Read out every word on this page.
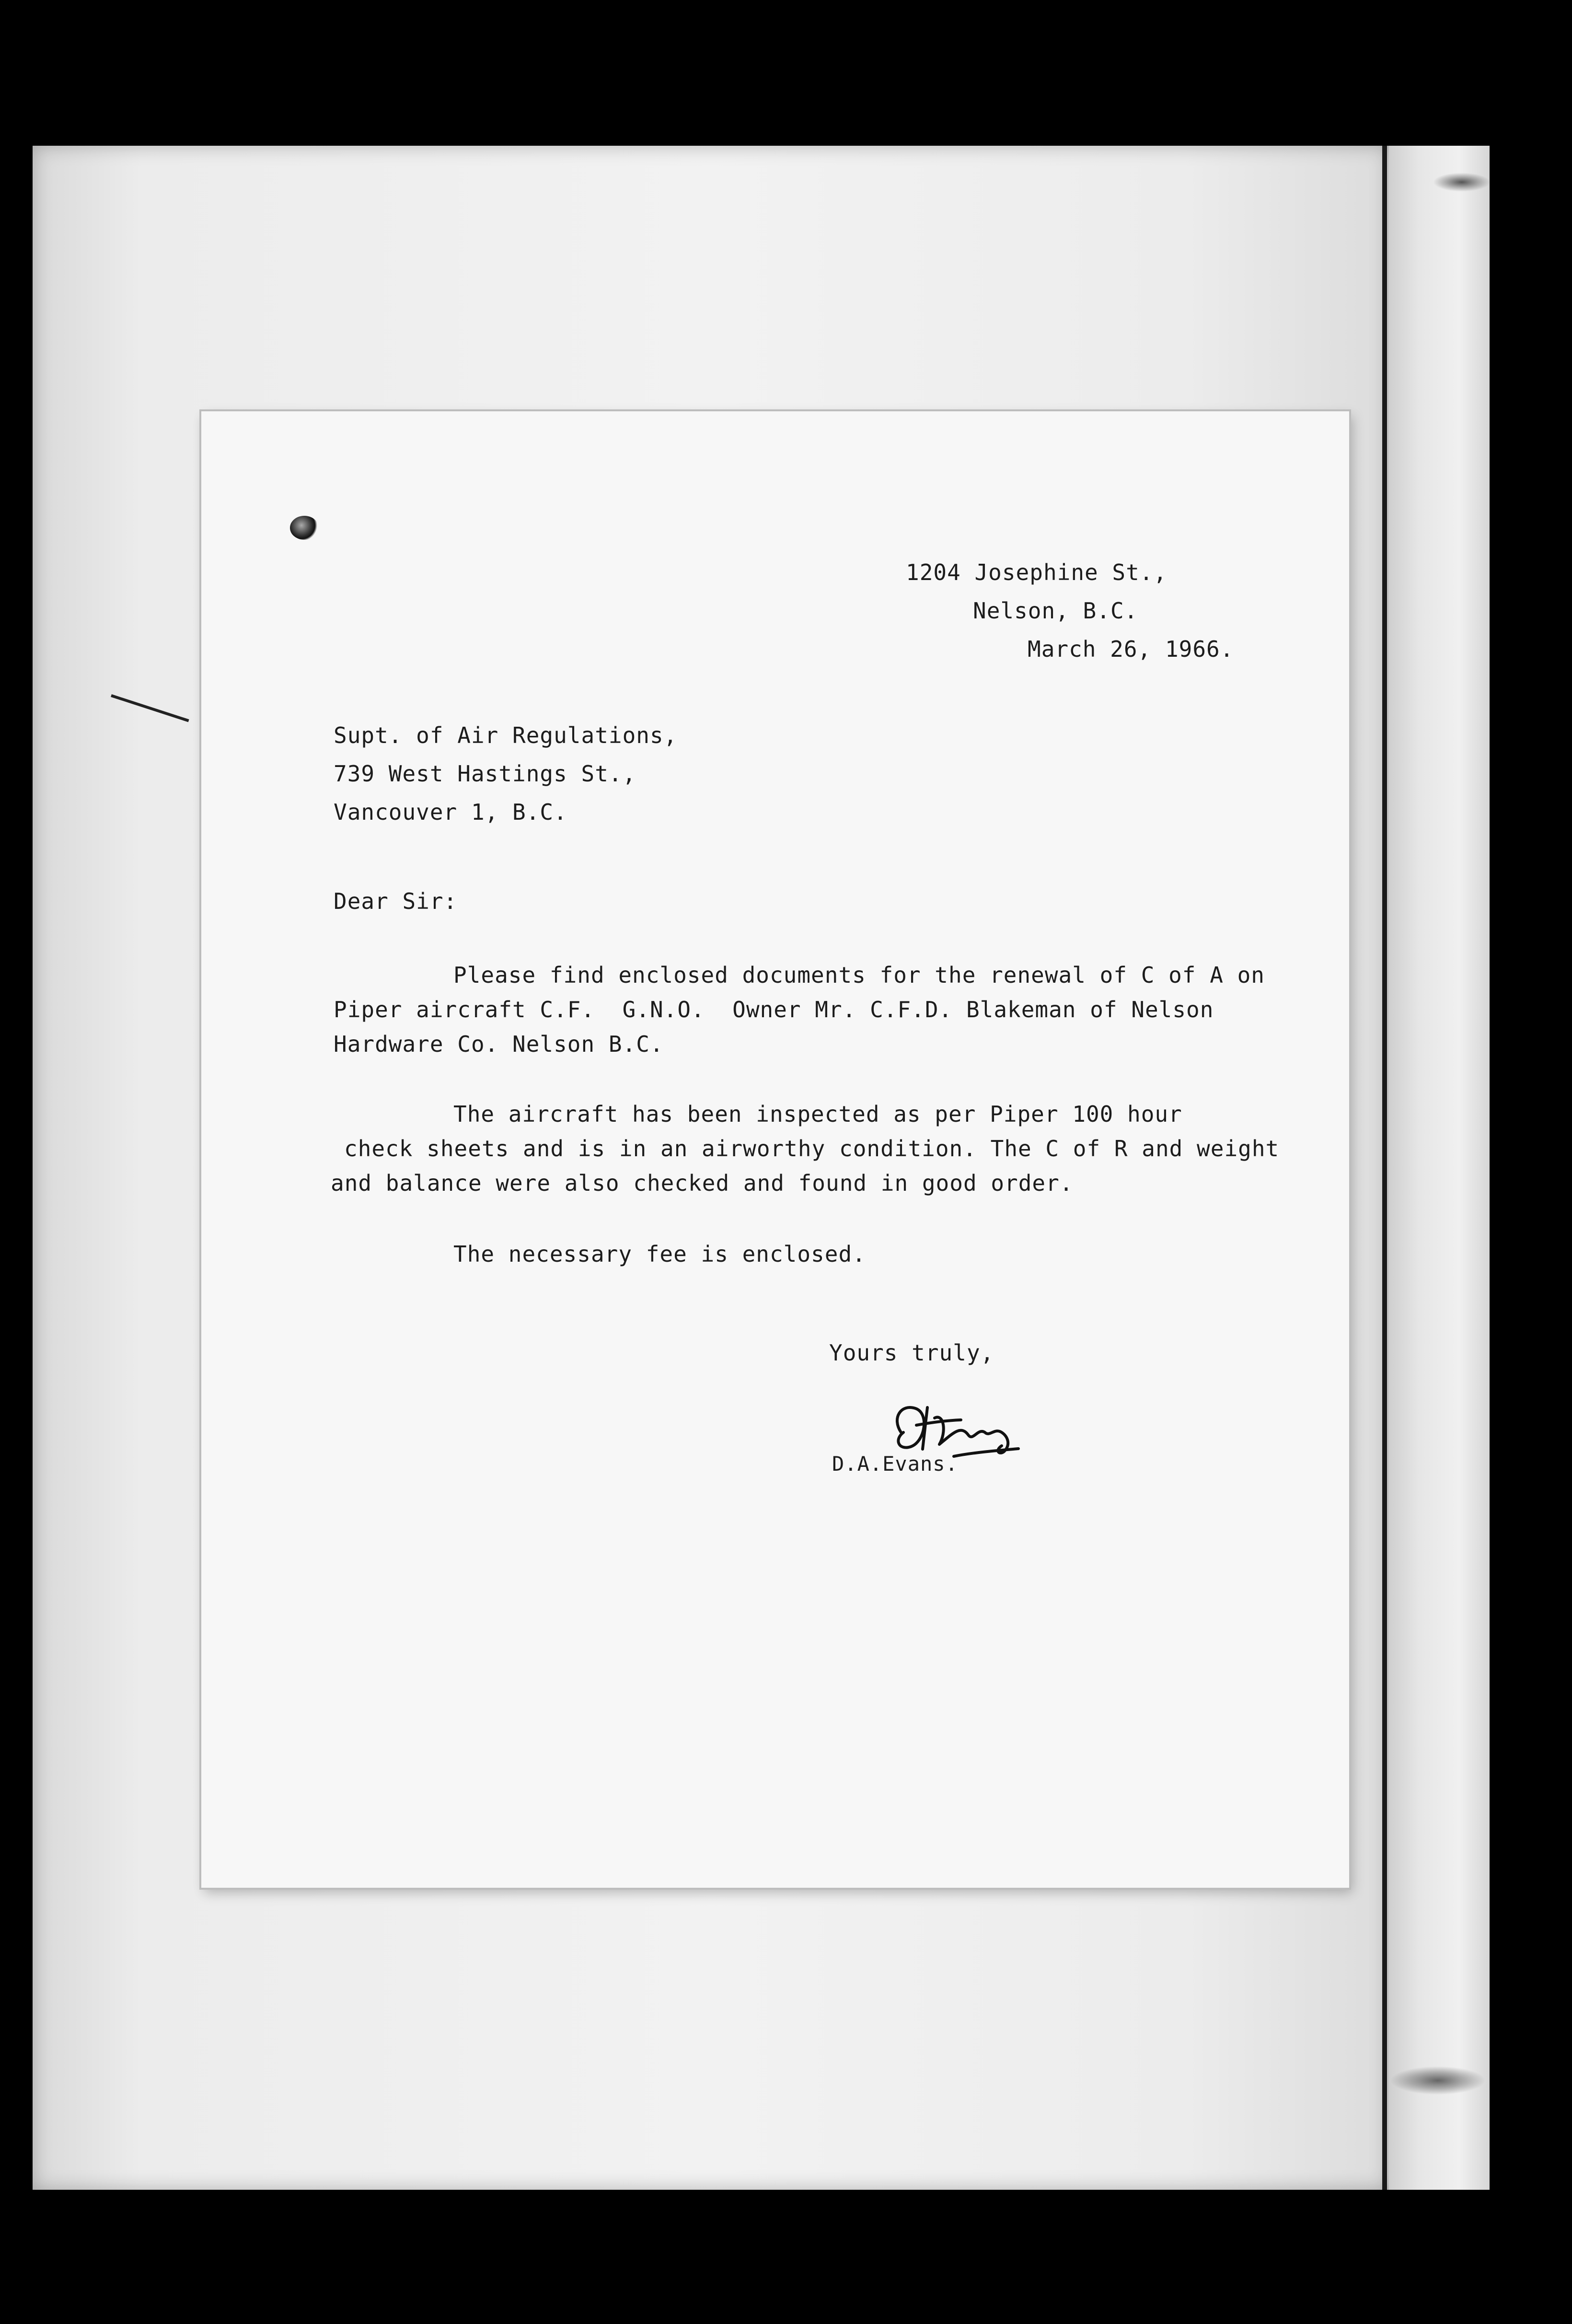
1204 Josephine St.,
Nelson, B.C.
March 26, 1966.
Supt. of Air Regulations,
739 West Hastings St.,
Vancouver 1, B.C.
Dear Sir:
Please find enclosed documents for the renewal of C of A on
Piper aircraft C.F.  G.N.O.  Owner Mr. C.F.D. Blakeman of Nelson
Hardware Co. Nelson B.C.
The aircraft has been inspected as per Piper 100 hour
check sheets and is in an airworthy condition. The C of R and weight
and balance were also checked and found in good order.
The necessary fee is enclosed.
Yours truly,
D.A.Evans.
